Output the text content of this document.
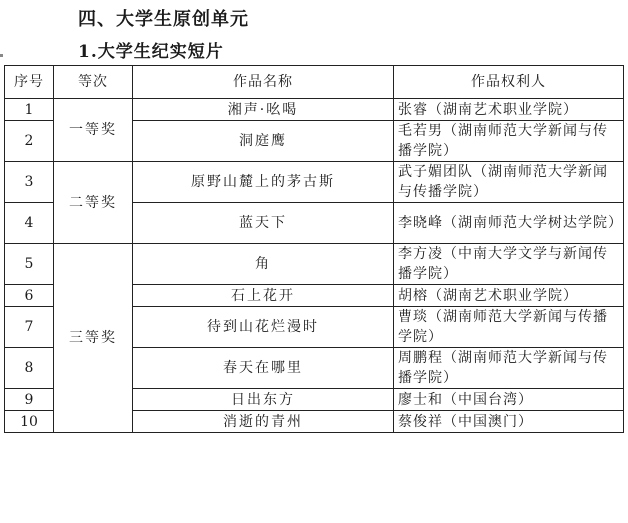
四、大学生原创单元
1.大学生纪实短片
序号	等次	作品名称	作品权利人
1	一等奖	湘声·吆喝	张睿（湖南艺术职业学院）
2		洞庭鹰	毛若男（湖南师范大学新闻与传播学院）
3	二等奖	原野山麓上的茅古斯	武子媚团队（湖南师范大学新闻与传播学院）
4		蓝天下	李晓峰（湖南师范大学树达学院）
5	三等奖	角	李方凌（中南大学文学与新闻传播学院）
6		石上花开	胡榕（湖南艺术职业学院）
7		待到山花烂漫时	曹琰（湖南师范大学新闻与传播学院）
8		春天在哪里	周鹏程（湖南师范大学新闻与传播学院）
9		日出东方	廖士和（中国台湾）
10		消逝的青州	蔡俊祥（中国澳门）
